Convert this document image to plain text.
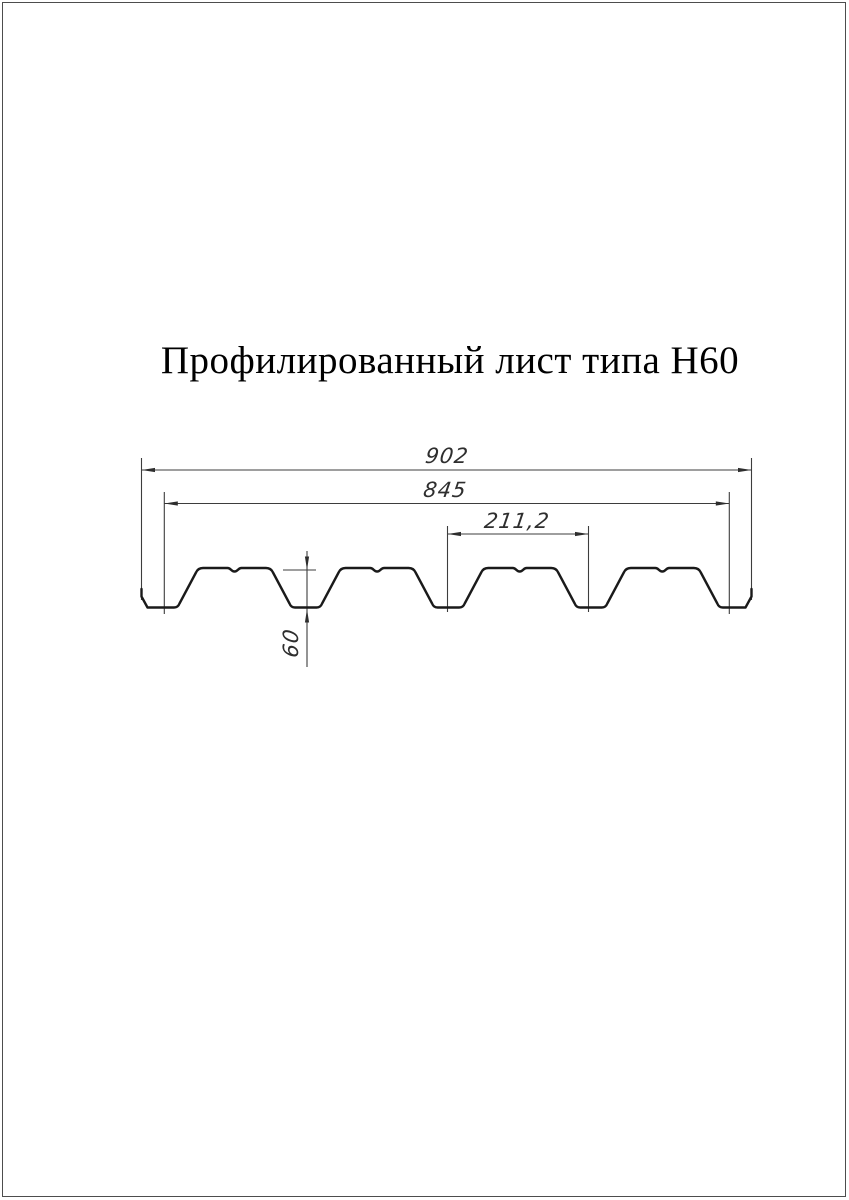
Профилированный лист типа Н60
902
845
211,2
60
